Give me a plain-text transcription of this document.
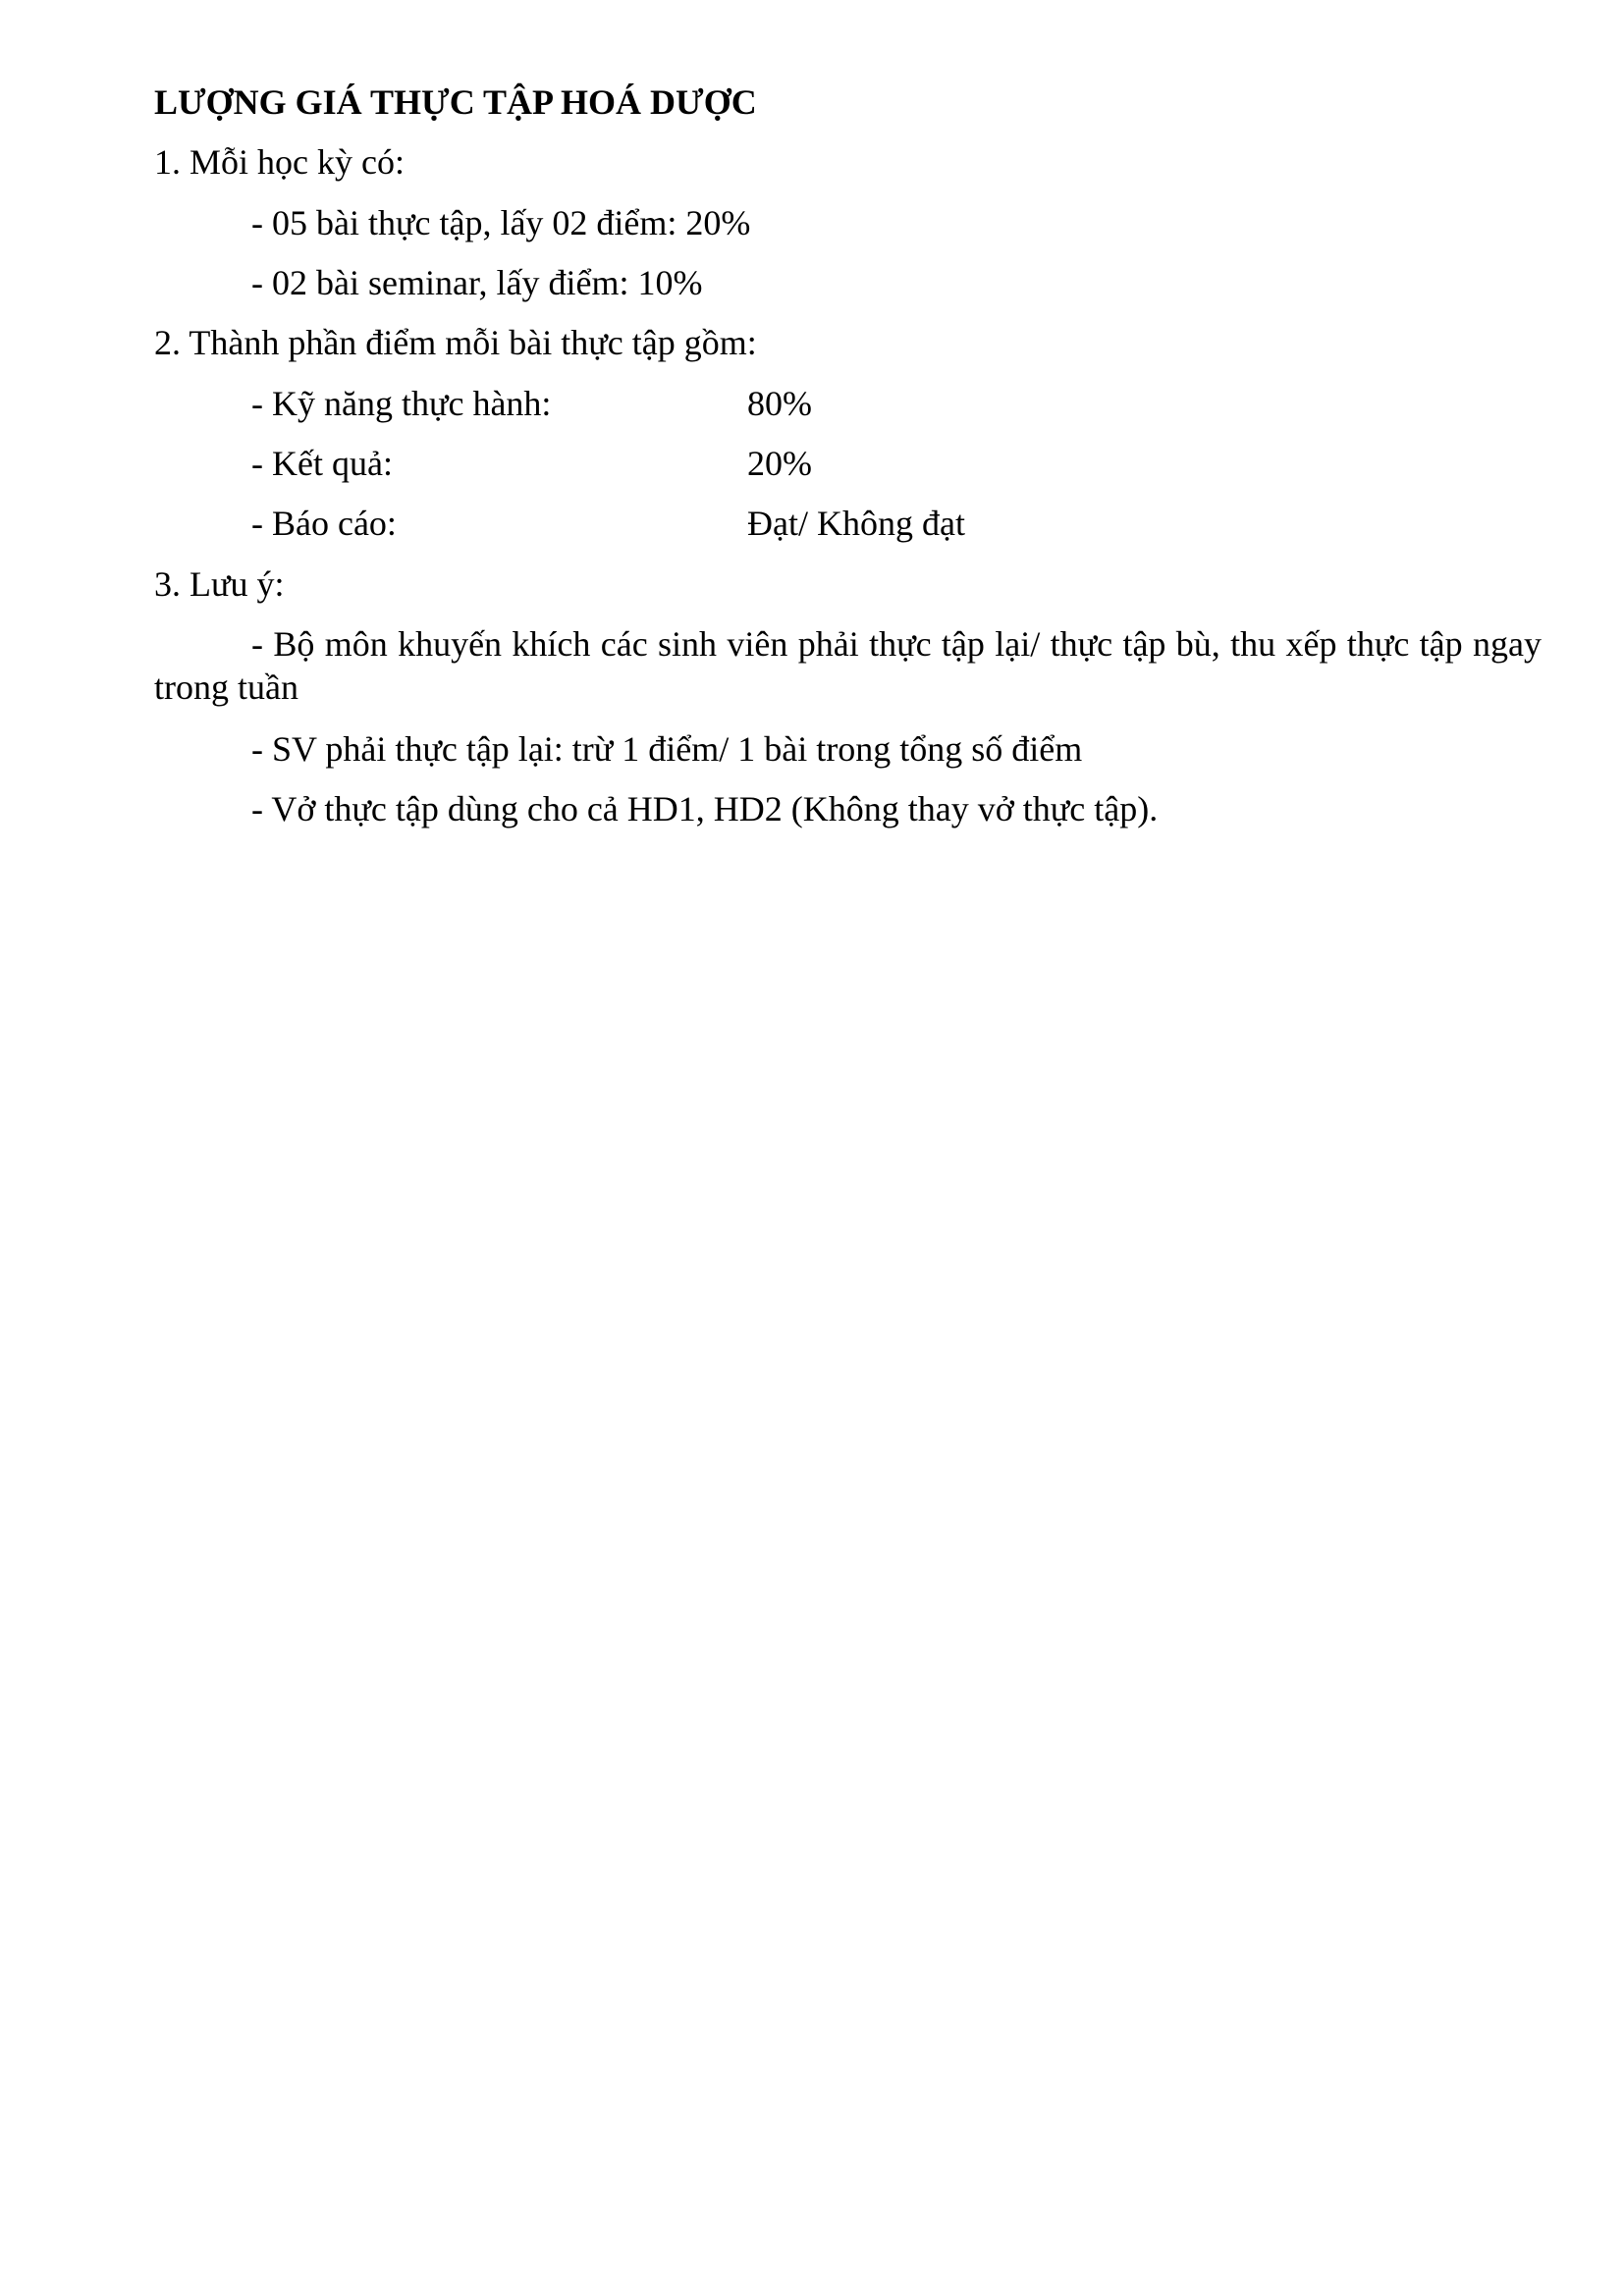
LƯỢNG GIÁ THỰC TẬP HOÁ DƯỢC
1. Mỗi học kỳ có:
- 05 bài thực tập, lấy 02 điểm: 20%
- 02 bài seminar, lấy điểm: 10%
2. Thành phần điểm mỗi bài thực tập gồm:
- Kỹ năng thực hành:	80%
- Kết quả:	20%
- Báo cáo:	Đạt/ Không đạt
3. Lưu ý:
- Bộ môn khuyến khích các sinh viên phải thực tập lại/ thực tập bù, thu xếp thực tập ngay trong tuần
- SV phải thực tập lại: trừ 1 điểm/ 1 bài trong tổng số điểm
- Vở thực tập dùng cho cả HD1, HD2 (Không thay vở thực tập).
